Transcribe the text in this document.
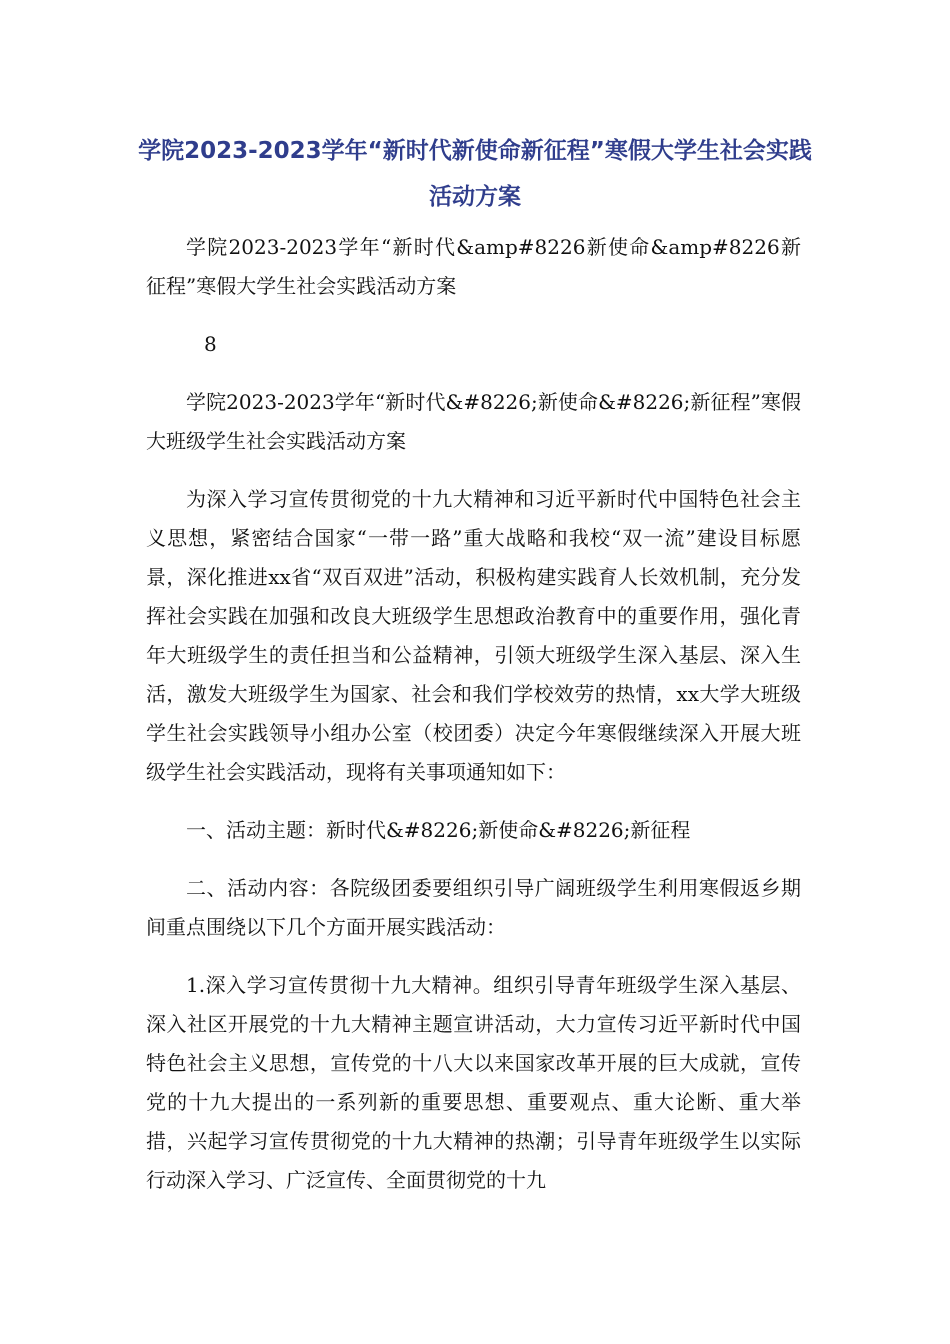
学院2023-2023学年“新时代新使命新征程”寒假大学生社会实践活动方案

学院2023-2023学年“新时代&amp#8226新使命&amp#8226新征程”寒假大学生社会实践活动方案

8

学院2023-2023学年“新时代&#8226;新使命&#8226;新征程”寒假大班级学生社会实践活动方案

为深入学习宣传贯彻党的十九大精神和习近平新时代中国特色社会主义思想，紧密结合国家“一带一路”重大战略和我校“双一流”建设目标愿景，深化推进xx省“双百双进”活动，积极构建实践育人长效机制，充分发挥社会实践在加强和改良大班级学生思想政治教育中的重要作用，强化青年大班级学生的责任担当和公益精神，引领大班级学生深入基层、深入生活，激发大班级学生为国家、社会和我们学校效劳的热情，xx大学大班级学生社会实践领导小组办公室（校团委）决定今年寒假继续深入开展大班级学生社会实践活动，现将有关事项通知如下：

一、活动主题：新时代&#8226;新使命&#8226;新征程

二、活动内容：各院级团委要组织引导广阔班级学生利用寒假返乡期间重点围绕以下几个方面开展实践活动：

1.深入学习宣传贯彻十九大精神。组织引导青年班级学生深入基层、深入社区开展党的十九大精神主题宣讲活动，大力宣传习近平新时代中国特色社会主义思想，宣传党的十八大以来国家改革开展的巨大成就，宣传党的十九大提出的一系列新的重要思想、重要观点、重大论断、重大举措，兴起学习宣传贯彻党的十九大精神的热潮；引导青年班级学生以实际行动深入学习、广泛宣传、全面贯彻党的十九
